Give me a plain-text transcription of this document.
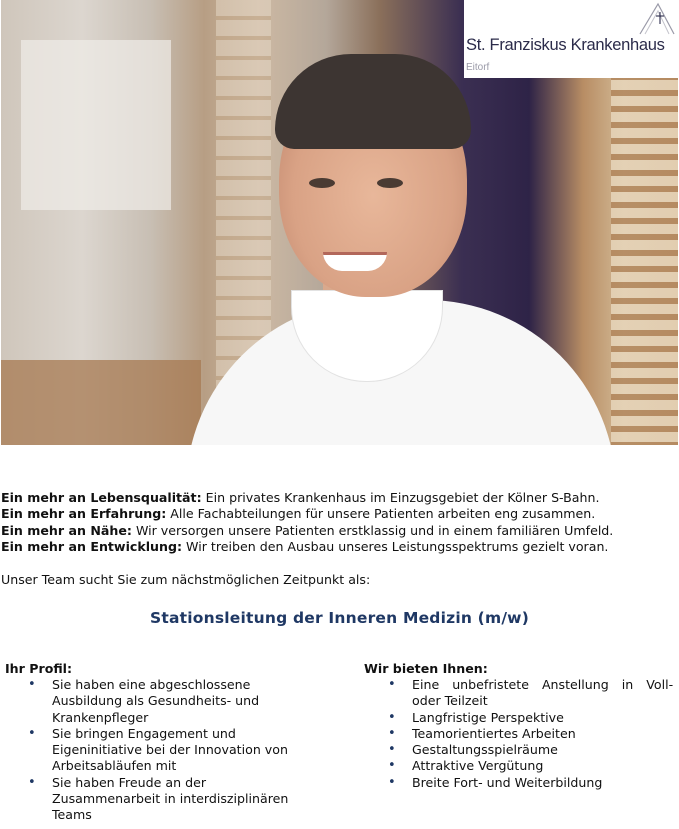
St. Franziskus Krankenhaus
Eitorf
Ein mehr an Lebensqualität: Ein privates Krankenhaus im Einzugsgebiet der Kölner S-Bahn.
Ein mehr an Erfahrung: Alle Fachabteilungen für unsere Patienten arbeiten eng zusammen.
Ein mehr an Nähe: Wir versorgen unsere Patienten erstklassig und in einem familiären Umfeld.
Ein mehr an Entwicklung: Wir treiben den Ausbau unseres Leistungsspektrums gezielt voran.
Unser Team sucht Sie zum nächstmöglichen Zeitpunkt als:
Stationsleitung der Inneren Medizin (m/w)
Ihr Profil:
• Sie haben eine abgeschlossene
Ausbildung als Gesundheits- und
Krankenpfleger
• Sie bringen Engagement und
Eigeninitiative bei der Innovation von
Arbeitsabläufen mit
• Sie haben Freude an der
Zusammenarbeit in interdisziplinären
Teams
Wir bieten Ihnen:
• Eine unbefristete Anstellung in Voll-
oder Teilzeit
• Langfristige Perspektive
• Teamorientiertes Arbeiten
• Gestaltungsspielräume
• Attraktive Vergütung
• Breite Fort- und Weiterbildung
